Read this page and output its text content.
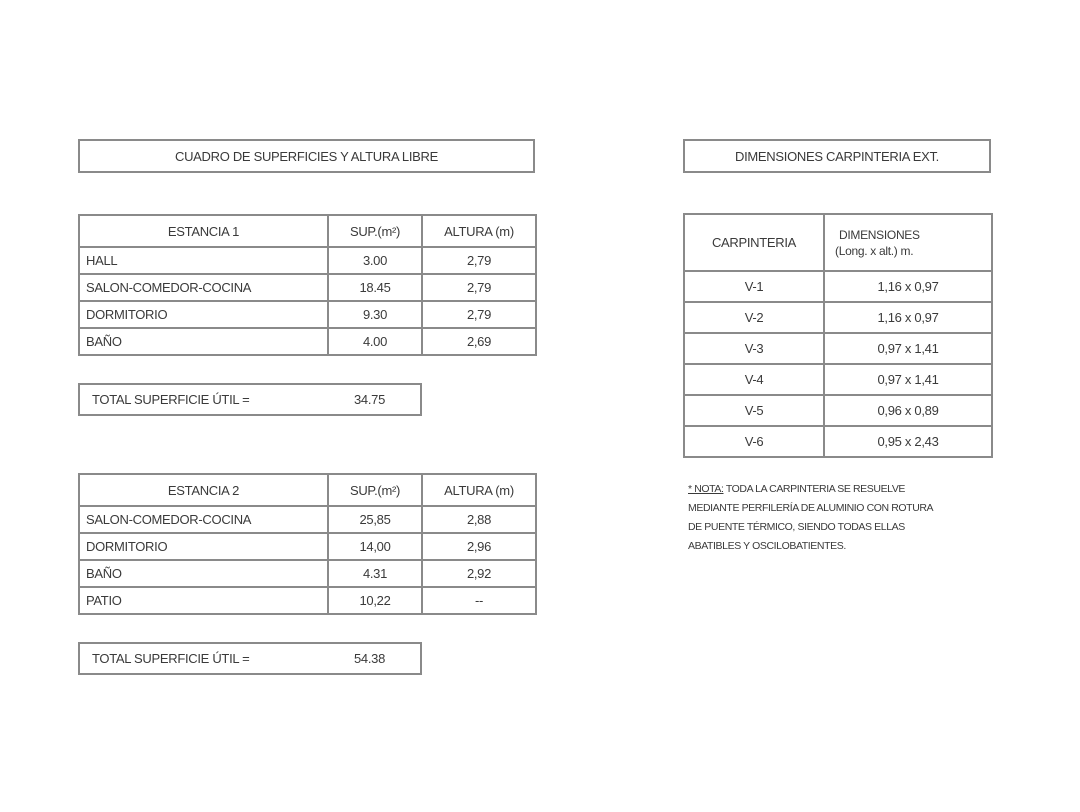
CUADRO DE SUPERFICIES Y ALTURA LIBRE
ESTANCIA 1	SUP.(m²)	ALTURA (m)
HALL	3.00	2,79
SALON-COMEDOR-COCINA	18.45	2,79
DORMITORIO	9.30	2,79
BAÑO	4.00	2,69
TOTAL SUPERFICIE ÚTIL =	34.75
ESTANCIA 2	SUP.(m²)	ALTURA (m)
SALON-COMEDOR-COCINA	25,85	2,88
DORMITORIO	14,00	2,96
BAÑO	4.31	2,92
PATIO	10,22	--
TOTAL SUPERFICIE ÚTIL =	54.38
DIMENSIONES CARPINTERIA EXT.
CARPINTERIA	DIMENSIONES
(Long. x alt.) m.

V-1	1,16 x 0,97
V-2	1,16 x 0,97
V-3	0,97 x 1,41
V-4	0,97 x 1,41
V-5	0,96 x 0,89
V-6	0,95 x 2,43
* NOTA: TODA LA CARPINTERIA SE RESUELVE
MEDIANTE PERFILERÍA DE ALUMINIO CON ROTURA
DE PUENTE TÉRMICO, SIENDO TODAS ELLAS
ABATIBLES Y OSCILOBATIENTES.
